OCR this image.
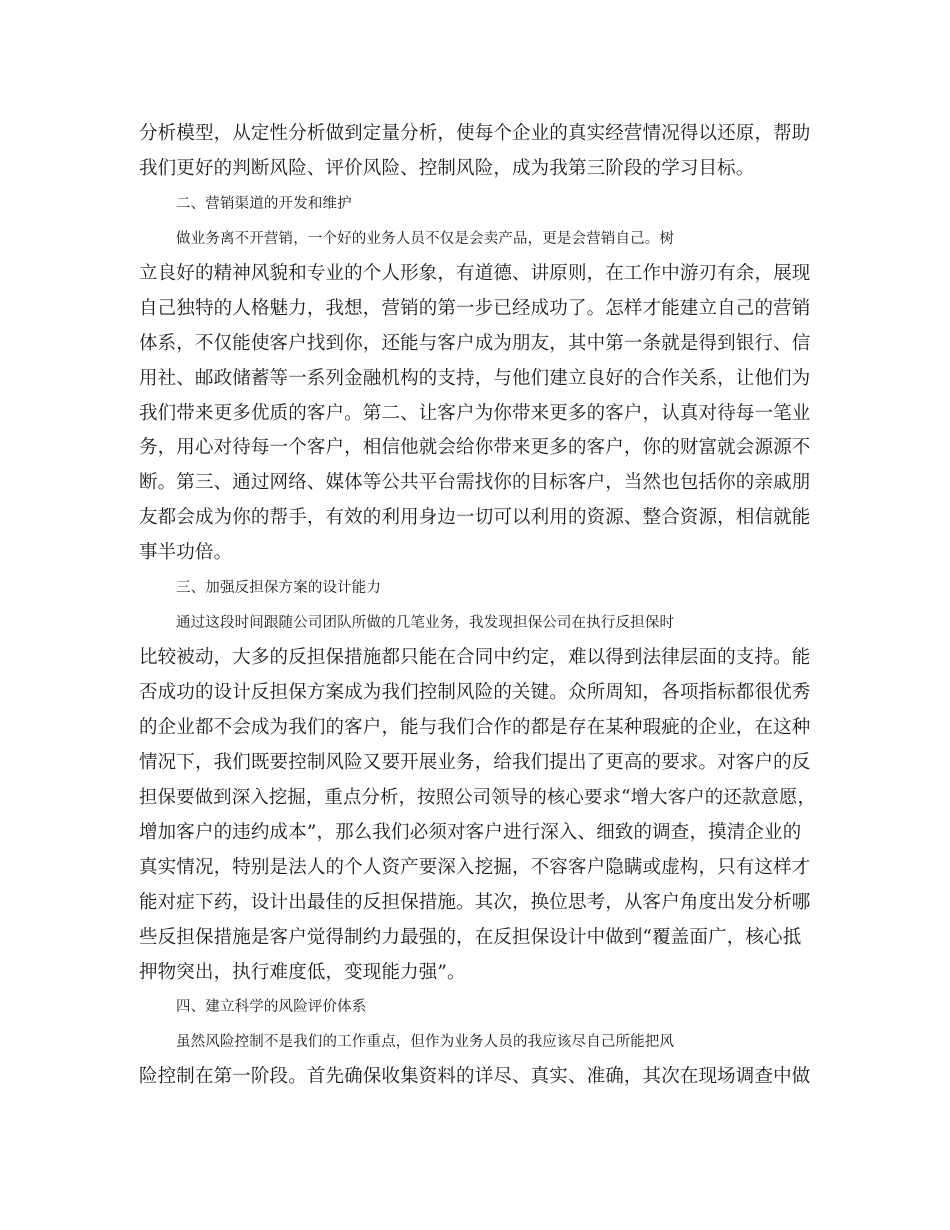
分析模型，从定性分析做到定量分析，使每个企业的真实经营情况得以还原，帮助
我们更好的判断风险、评价风险、控制风险，成为我第三阶段的学习目标。
二、营销渠道的开发和维护
做业务离不开营销，一个好的业务人员不仅是会卖产品，更是会营销自己。树
立良好的精神风貌和专业的个人形象，有道德、讲原则，在工作中游刃有余，展现
自己独特的人格魅力，我想，营销的第一步已经成功了。怎样才能建立自己的营销
体系，不仅能使客户找到你，还能与客户成为朋友，其中第一条就是得到银行、信
用社、邮政储蓄等一系列金融机构的支持，与他们建立良好的合作关系，让他们为
我们带来更多优质的客户。第二、让客户为你带来更多的客户，认真对待每一笔业
务，用心对待每一个客户，相信他就会给你带来更多的客户，你的财富就会源源不
断。第三、通过网络、媒体等公共平台需找你的目标客户，当然也包括你的亲戚朋
友都会成为你的帮手，有效的利用身边一切可以利用的资源、整合资源，相信就能
事半功倍。
三、加强反担保方案的设计能力
通过这段时间跟随公司团队所做的几笔业务，我发现担保公司在执行反担保时
比较被动，大多的反担保措施都只能在合同中约定，难以得到法律层面的支持。能
否成功的设计反担保方案成为我们控制风险的关键。众所周知，各项指标都很优秀
的企业都不会成为我们的客户，能与我们合作的都是存在某种瑕疵的企业，在这种
情况下，我们既要控制风险又要开展业务，给我们提出了更高的要求。对客户的反
担保要做到深入挖掘，重点分析，按照公司领导的核心要求“增大客户的还款意愿，
增加客户的违约成本”，那么我们必须对客户进行深入、细致的调查，摸清企业的
真实情况，特别是法人的个人资产要深入挖掘，不容客户隐瞒或虚构，只有这样才
能对症下药，设计出最佳的反担保措施。其次，换位思考，从客户角度出发分析哪
些反担保措施是客户觉得制约力最强的，在反担保设计中做到“覆盖面广，核心抵
押物突出，执行难度低，变现能力强”。
四、建立科学的风险评价体系
虽然风险控制不是我们的工作重点，但作为业务人员的我应该尽自己所能把风
险控制在第一阶段。首先确保收集资料的详尽、真实、准确，其次在现场调查中做
